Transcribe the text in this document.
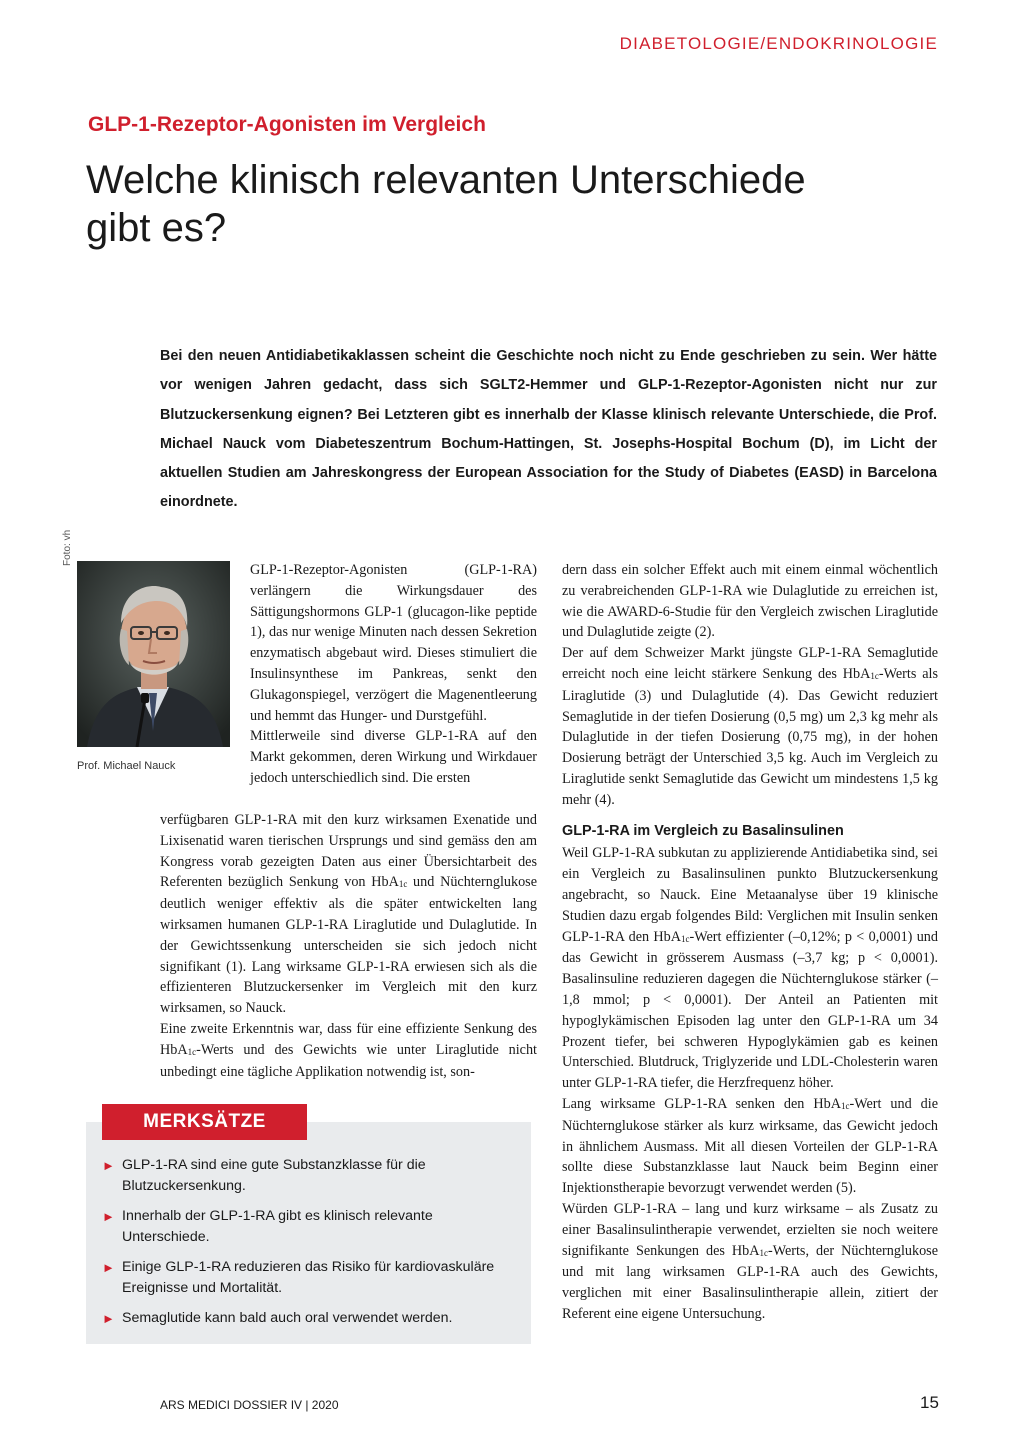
DIABETOLOGIE/ENDOKRINOLOGIE
GLP-1-Rezeptor-Agonisten im Vergleich
Welche klinisch relevanten Unterschiede
gibt es?
Bei den neuen Antidiabetikaklassen scheint die Geschichte noch nicht zu Ende geschrieben zu sein. Wer hätte vor wenigen Jahren gedacht, dass sich SGLT2-Hemmer und GLP-1-Rezeptor-Agonisten nicht nur zur Blutzuckersenkung eignen? Bei Letzteren gibt es innerhalb der Klasse klinisch relevante Unterschiede, die Prof. Michael Nauck vom Diabeteszentrum Bochum-Hattingen, St. Josephs-Hospital Bochum (D), im Licht der aktuellen Studien am Jahreskongress der European Association for the Study of Diabetes (EASD) in Barcelona einordnete.
Foto: vh
Prof. Michael Nauck

GLP-1-Rezeptor-Agonisten (GLP-1-RA) verlängern die Wirkungsdauer des Sättigungshormons GLP-1 (glucagon-like peptide 1), das nur wenige Minuten nach dessen Sekretion enzymatisch abgebaut wird. Dieses stimuliert die Insulinsynthese im Pankreas, senkt den Glukagonspiegel, verzögert die Magenentleerung und hemmt das Hunger- und Durstgefühl.

Mittlerweile sind diverse GLP-1-RA auf den Markt gekommen, deren Wirkung und Wirkdauer jedoch unterschiedlich sind. Die ersten

verfügbaren GLP-1-RA mit den kurz wirksamen Exenatide und Lixisenatid waren tierischen Ursprungs und sind gemäss den am Kongress vorab gezeigten Daten aus einer Übersichtarbeit des Referenten bezüglich Senkung von HbA$_{1c}$ und Nüchternglukose deutlich weniger effektiv als die später entwickelten lang wirksamen humanen GLP-1-RA Liraglutide und Dulaglutide. In der Gewichtssenkung unterscheiden sie sich jedoch nicht signifikant (1). Lang wirksame GLP-1-RA erwiesen sich als die effizienteren Blutzuckersenker im Vergleich mit den kurz wirksamen, so Nauck.

Eine zweite Erkenntnis war, dass für eine effiziente Senkung des HbA$_{1c}$-Werts und des Gewichts wie unter Liraglutide nicht unbedingt eine tägliche Applikation notwendig ist, son-

dern dass ein solcher Effekt auch mit einem einmal wöchentlich zu verabreichenden GLP-1-RA wie Dulaglutide zu erreichen ist, wie die AWARD-6-Studie für den Vergleich zwischen Liraglutide und Dulaglutide zeigte (2).

Der auf dem Schweizer Markt jüngste GLP-1-RA Semaglutide erreicht noch eine leicht stärkere Senkung des HbA$_{1c}$-Werts als Liraglutide (3) und Dulaglutide (4). Das Gewicht reduziert Semaglutide in der tiefen Dosierung (0,5 mg) um 2,3 kg mehr als Dulaglutide in der tiefen Dosierung (0,75 mg), in der hohen Dosierung beträgt der Unterschied 3,5 kg. Auch im Vergleich zu Liraglutide senkt Semaglutide das Gewicht um mindestens 1,5 kg mehr (4).

GLP-1-RA im Vergleich zu Basalinsulinen

Weil GLP-1-RA subkutan zu applizierende Antidiabetika sind, sei ein Vergleich zu Basalinsulinen punkto Blutzuckersenkung angebracht, so Nauck. Eine Metaanalyse über 19 klinische Studien dazu ergab folgendes Bild: Verglichen mit Insulin senken GLP-1-RA den HbA$_{1c}$-Wert effizienter (–0,12%; p < 0,0001) und das Gewicht in grösserem Ausmass (–3,7 kg; p < 0,0001). Basalinsuline reduzieren dagegen die Nüchternglukose stärker (–1,8 mmol; p < 0,0001). Der Anteil an Patienten mit hypoglykämischen Episoden lag unter den GLP-1-RA um 34 Prozent tiefer, bei schweren Hypoglykämien gab es keinen Unterschied. Blutdruck, Triglyzeride und LDL-Cholesterin waren unter GLP-1-RA tiefer, die Herzfrequenz höher.

Lang wirksame GLP-1-RA senken den HbA$_{1c}$-Wert und die Nüchternglukose stärker als kurz wirksame, das Gewicht jedoch in ähnlichem Ausmass. Mit all diesen Vorteilen der GLP-1-RA sollte diese Substanzklasse laut Nauck beim Beginn einer Injektionstherapie bevorzugt verwendet werden (5).

Würden GLP-1-RA – lang und kurz wirksame – als Zusatz zu einer Basalinsulintherapie verwendet, erzielten sie noch weitere signifikante Senkungen des HbA$_{1c}$-Werts, der Nüchternglukose und mit lang wirksamen GLP-1-RA auch des Gewichts, verglichen mit einer Basalinsulintherapie allein, zitiert der Referent eine eigene Untersuchung.

MERKSÄTZE
► GLP-1-RA sind eine gute Substanzklasse für die Blutzuckersenkung.
► Innerhalb der GLP-1-RA gibt es klinisch relevante Unterschiede.
► Einige GLP-1-RA reduzieren das Risiko für kardiovaskuläre Ereignisse und Mortalität.
► Semaglutide kann bald auch oral verwendet werden.
ARS MEDICI DOSSIER IV | 2020	15
